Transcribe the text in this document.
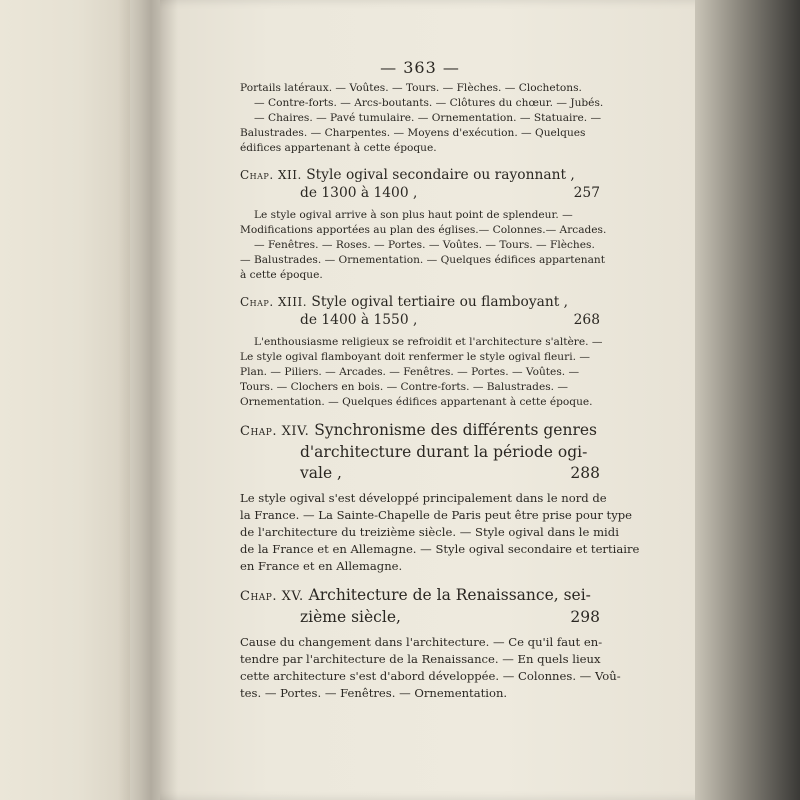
— 363 —
Portails latéraux. — Voûtes. — Tours. — Flèches. — Clochetons.
— Contre-forts. — Arcs-boutants. — Clôtures du chœur. — Jubés.
— Chaires. — Pavé tumulaire. — Ornementation. — Statuaire. —
Balustrades. — Charpentes. — Moyens d'exécution. — Quelques
édifices appartenant à cette époque.
Chap. XII. Style ogival secondaire ou rayonnant ,
de 1300 à 1400 ,	257
Le style ogival arrive à son plus haut point de splendeur. —
Modifications apportées au plan des églises.— Colonnes.— Arcades.
— Fenêtres. — Roses. — Portes. — Voûtes. — Tours. — Flèches.
— Balustrades. — Ornementation. — Quelques édifices appartenant
à cette époque.
Chap. XIII. Style ogival tertiaire ou flamboyant ,
de 1400 à 1550 ,	268
L'enthousiasme religieux se refroidit et l'architecture s'altère. —
Le style ogival flamboyant doit renfermer le style ogival fleuri. —
Plan. — Piliers. — Arcades. — Fenêtres. — Portes. — Voûtes. —
Tours. — Clochers en bois. — Contre-forts. — Balustrades. —
Ornementation. — Quelques édifices appartenant à cette époque.
Chap. XIV. Synchronisme des différents genres
d'architecture durant la période ogi-
vale ,	288
Le style ogival s'est développé principalement dans le nord de
la France. — La Sainte-Chapelle de Paris peut être prise pour type
de l'architecture du treizième siècle. — Style ogival dans le midi
de la France et en Allemagne. — Style ogival secondaire et tertiaire
en France et en Allemagne.
Chap. XV. Architecture de la Renaissance, sei-
zième siècle,	298
Cause du changement dans l'architecture. — Ce qu'il faut en-
tendre par l'architecture de la Renaissance. — En quels lieux
cette architecture s'est d'abord développée. — Colonnes. — Voû-
tes. — Portes. — Fenêtres. — Ornementation.
